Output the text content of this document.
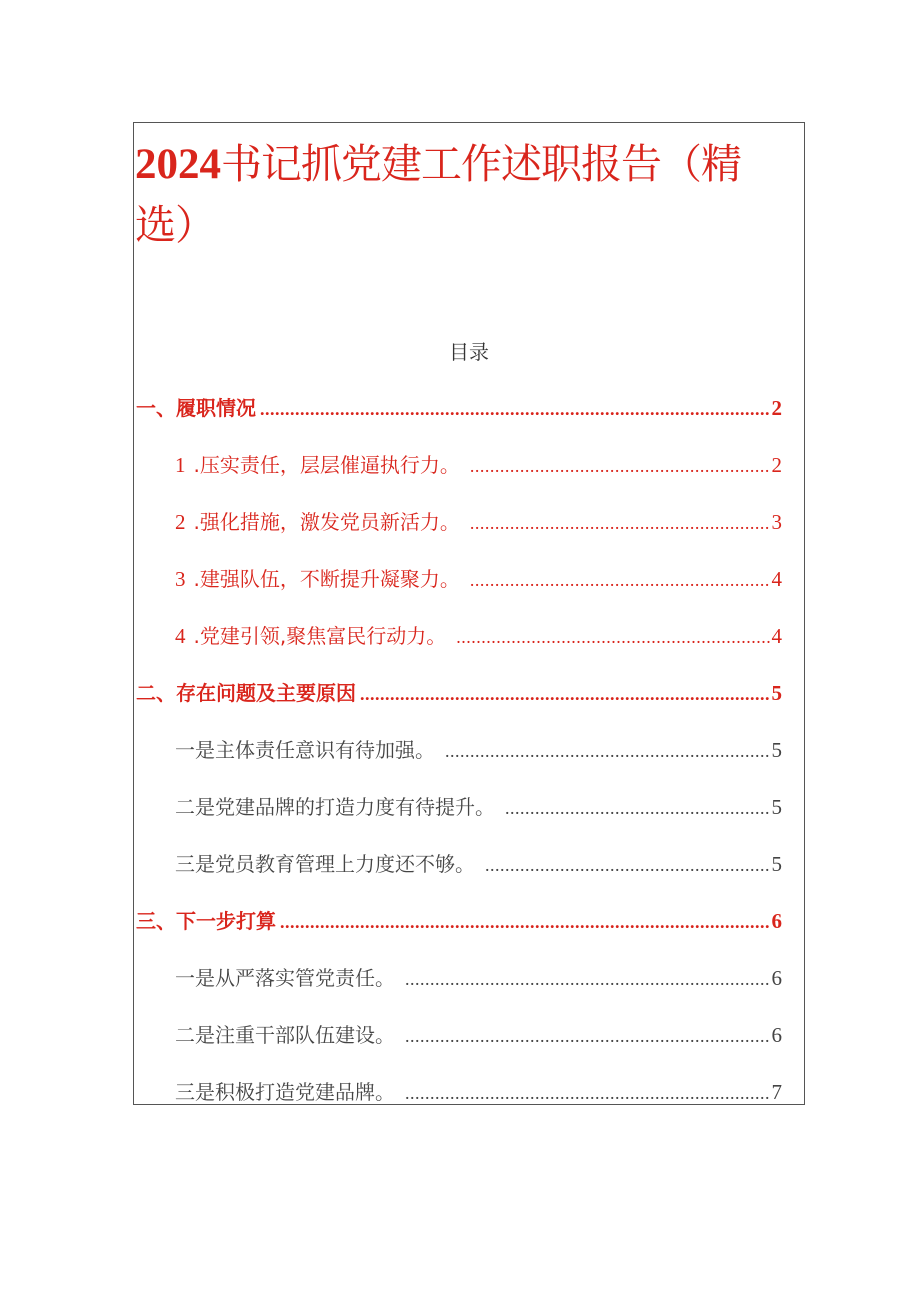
2024书记抓党建工作述职报告（精选）
目录
一、履职情况 .....	2
1 .压实责任，层层催逼执行力。 .....	2
2 .强化措施，激发党员新活力。 .....	3
3 .建强队伍，不断提升凝聚力。 .....	4
4 .党建引领,聚焦富民行动力。 .....	4
二、存在问题及主要原因 .....	5
一是主体责任意识有待加强。 .....	5
二是党建品牌的打造力度有待提升。 .....	5
三是党员教育管理上力度还不够。 .....	5
三、下一步打算 .....	6
一是从严落实管党责任。 .....	6
二是注重干部队伍建设。 .....	6
三是积极打造党建品牌。 .....	7
